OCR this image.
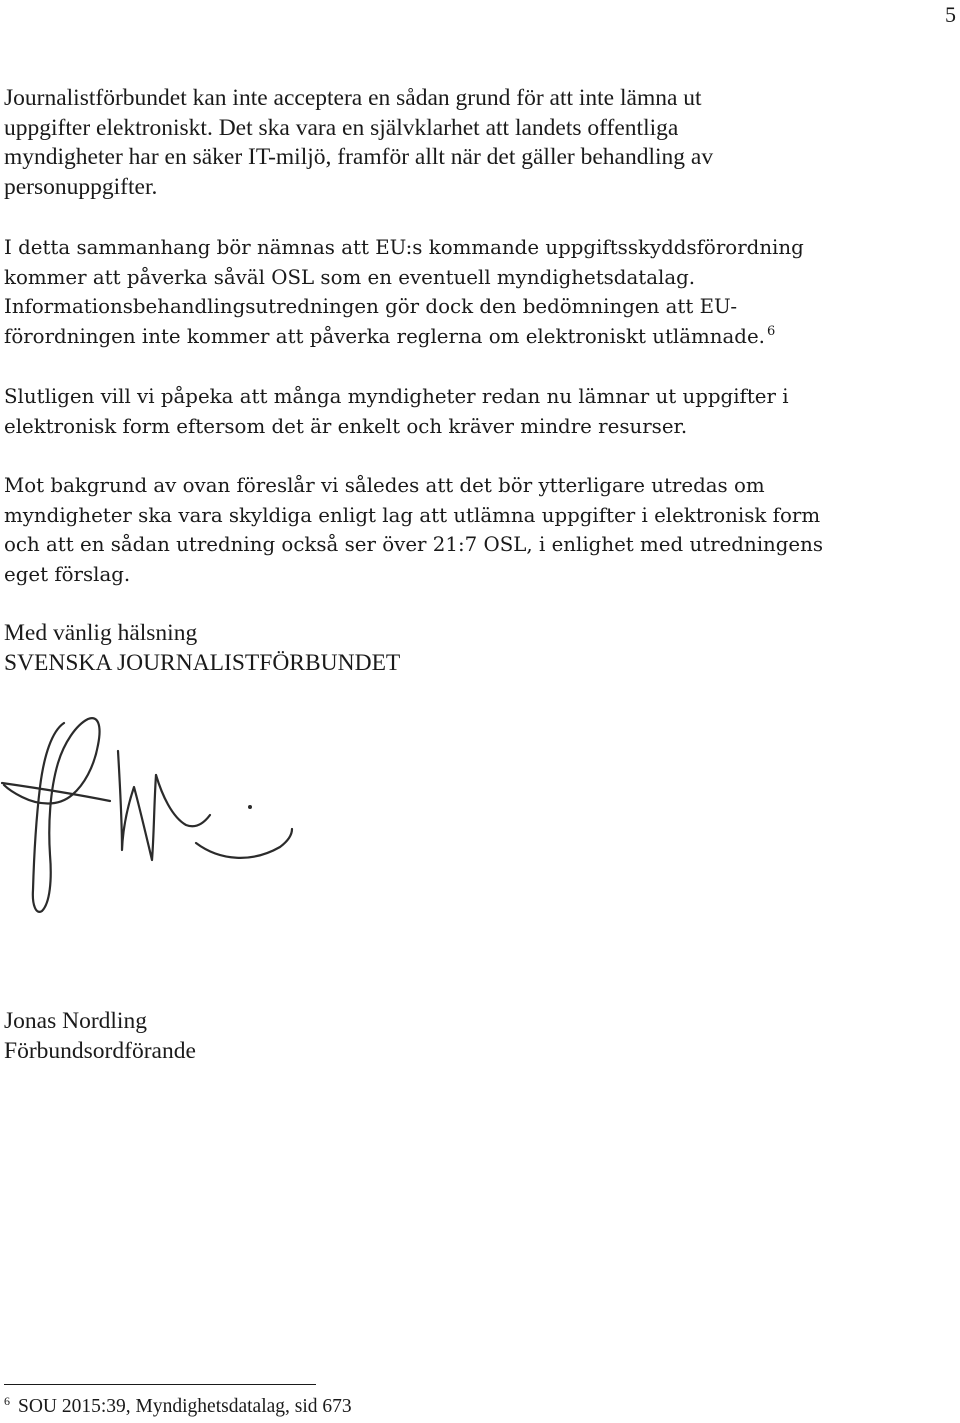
5
Journalistförbundet kan inte acceptera en sådan grund för att inte lämna ut
uppgifter elektroniskt. Det ska vara en självklarhet att landets offentliga
myndigheter har en säker IT-miljö, framför allt när det gäller behandling av
personuppgifter.
I detta sammanhang bör nämnas att EU:s kommande uppgiftsskyddsförordning
kommer att påverka såväl OSL som en eventuell myndighetsdatalag.
Informationsbehandlingsutredningen gör dock den bedömningen att EU-
förordningen inte kommer att påverka reglerna om elektroniskt utlämnade. $^6$
Slutligen vill vi påpeka att många myndigheter redan nu lämnar ut uppgifter i
elektronisk form eftersom det är enkelt och kräver mindre resurser.
Mot bakgrund av ovan föreslår vi således att det bör ytterligare utredas om
myndigheter ska vara skyldiga enligt lag att utlämna uppgifter i elektronisk form
och att en sådan utredning också ser över 21:7 OSL, i enlighet med utredningens
eget förslag.
Med vänlig hälsning
SVENSKA JOURNALISTFÖRBUNDET
Jonas Nordling
Förbundsordförande
$^6$ SOU 2015:39, Myndighetsdatalag, sid 673
